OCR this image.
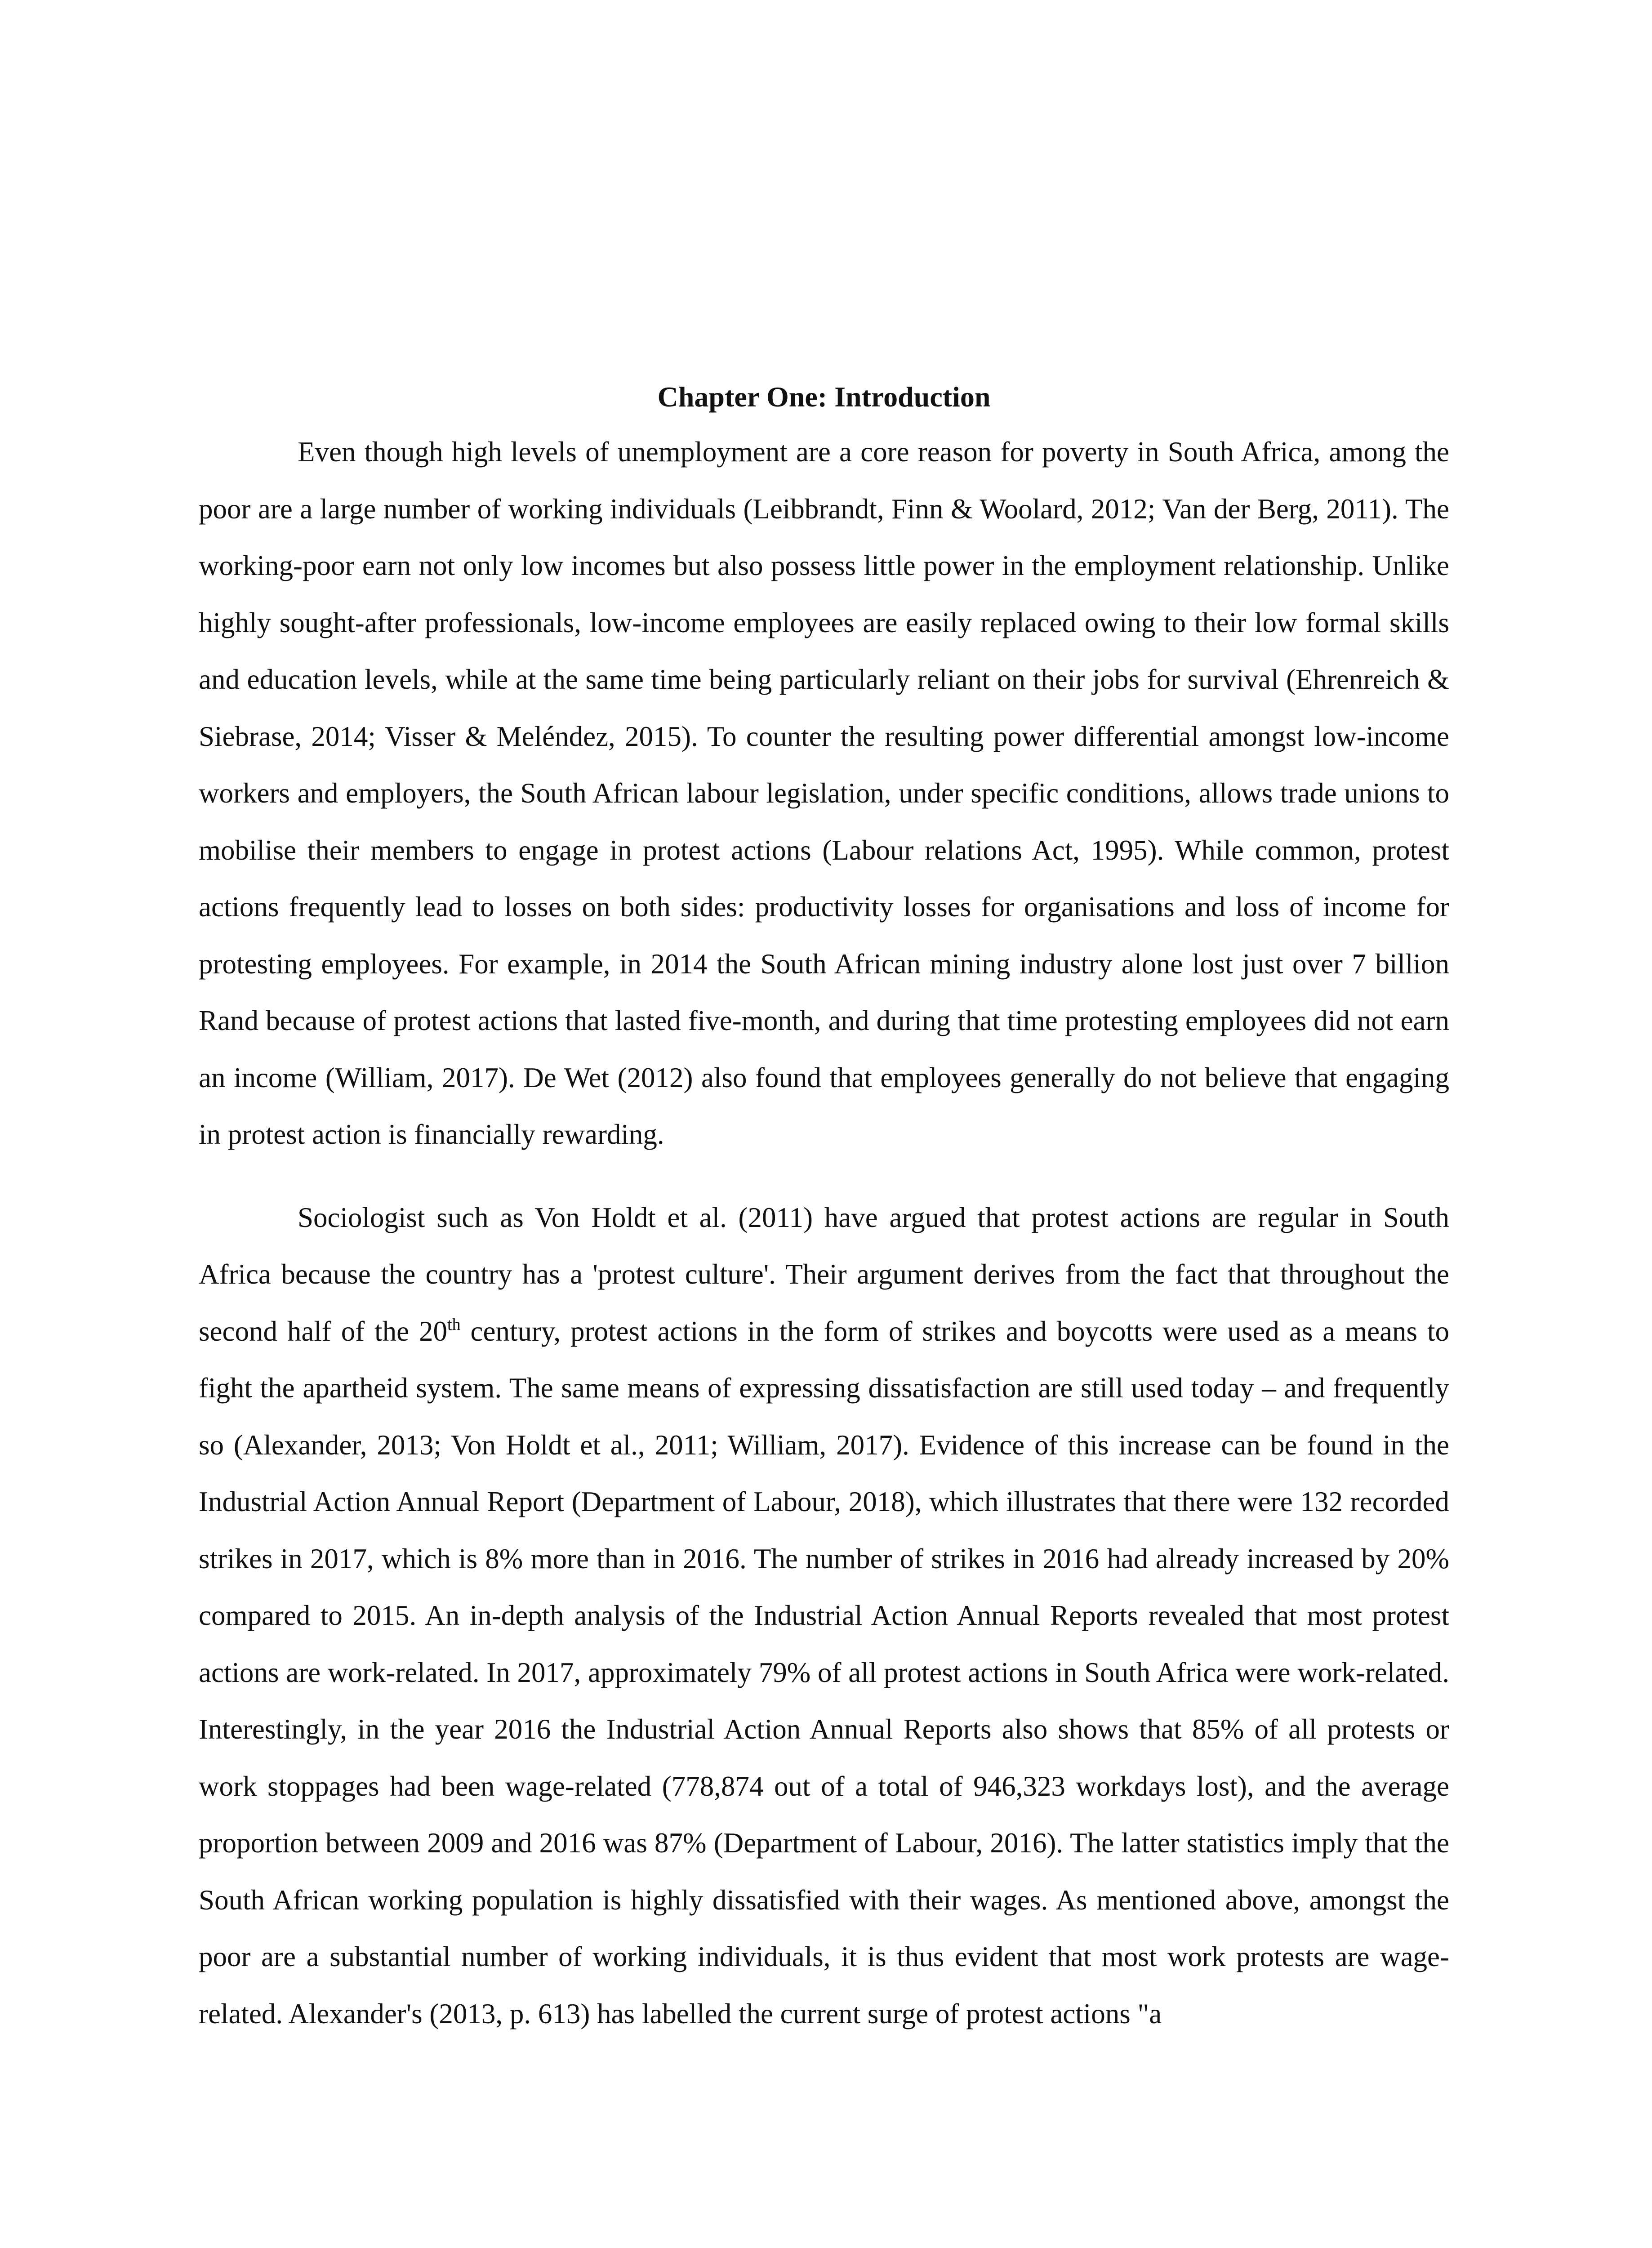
Chapter One: Introduction

Even though high levels of unemployment are a core reason for poverty in South Africa, among the poor are a large number of working individuals (Leibbrandt, Finn & Woolard, 2012; Van der Berg, 2011). The working-poor earn not only low incomes but also possess little power in the employment relationship. Unlike highly sought-after professionals, low-income employees are easily replaced owing to their low formal skills and education levels, while at the same time being particularly reliant on their jobs for survival (Ehrenreich & Siebrase, 2014; Visser & Meléndez, 2015). To counter the resulting power differential amongst low-income workers and employers, the South African labour legislation, under specific conditions, allows trade unions to mobilise their members to engage in protest actions (Labour relations Act, 1995). While common, protest actions frequently lead to losses on both sides: productivity losses for organisations and loss of income for protesting employees. For example, in 2014 the South African mining industry alone lost just over 7 billion Rand because of protest actions that lasted five-month, and during that time protesting employees did not earn an income (William, 2017). De Wet (2012) also found that employees generally do not believe that engaging in protest action is financially rewarding.

Sociologist such as Von Holdt et al. (2011) have argued that protest actions are regular in South Africa because the country has a 'protest culture'. Their argument derives from the fact that throughout the second half of the 20th century, protest actions in the form of strikes and boycotts were used as a means to fight the apartheid system. The same means of expressing dissatisfaction are still used today – and frequently so (Alexander, 2013; Von Holdt et al., 2011; William, 2017). Evidence of this increase can be found in the Industrial Action Annual Report (Department of Labour, 2018), which illustrates that there were 132 recorded strikes in 2017, which is 8% more than in 2016. The number of strikes in 2016 had already increased by 20% compared to 2015. An in-depth analysis of the Industrial Action Annual Reports revealed that most protest actions are work-related. In 2017, approximately 79% of all protest actions in South Africa were work-related. Interestingly, in the year 2016 the Industrial Action Annual Reports also shows that 85% of all protests or work stoppages had been wage-related (778,874 out of a total of 946,323 workdays lost), and the average proportion between 2009 and 2016 was 87% (Department of Labour, 2016). The latter statistics imply that the South African working population is highly dissatisfied with their wages. As mentioned above, amongst the poor are a substantial number of working individuals, it is thus evident that most work protests are wage-related. Alexander's (2013, p. 613) has labelled the current surge of protest actions "a
